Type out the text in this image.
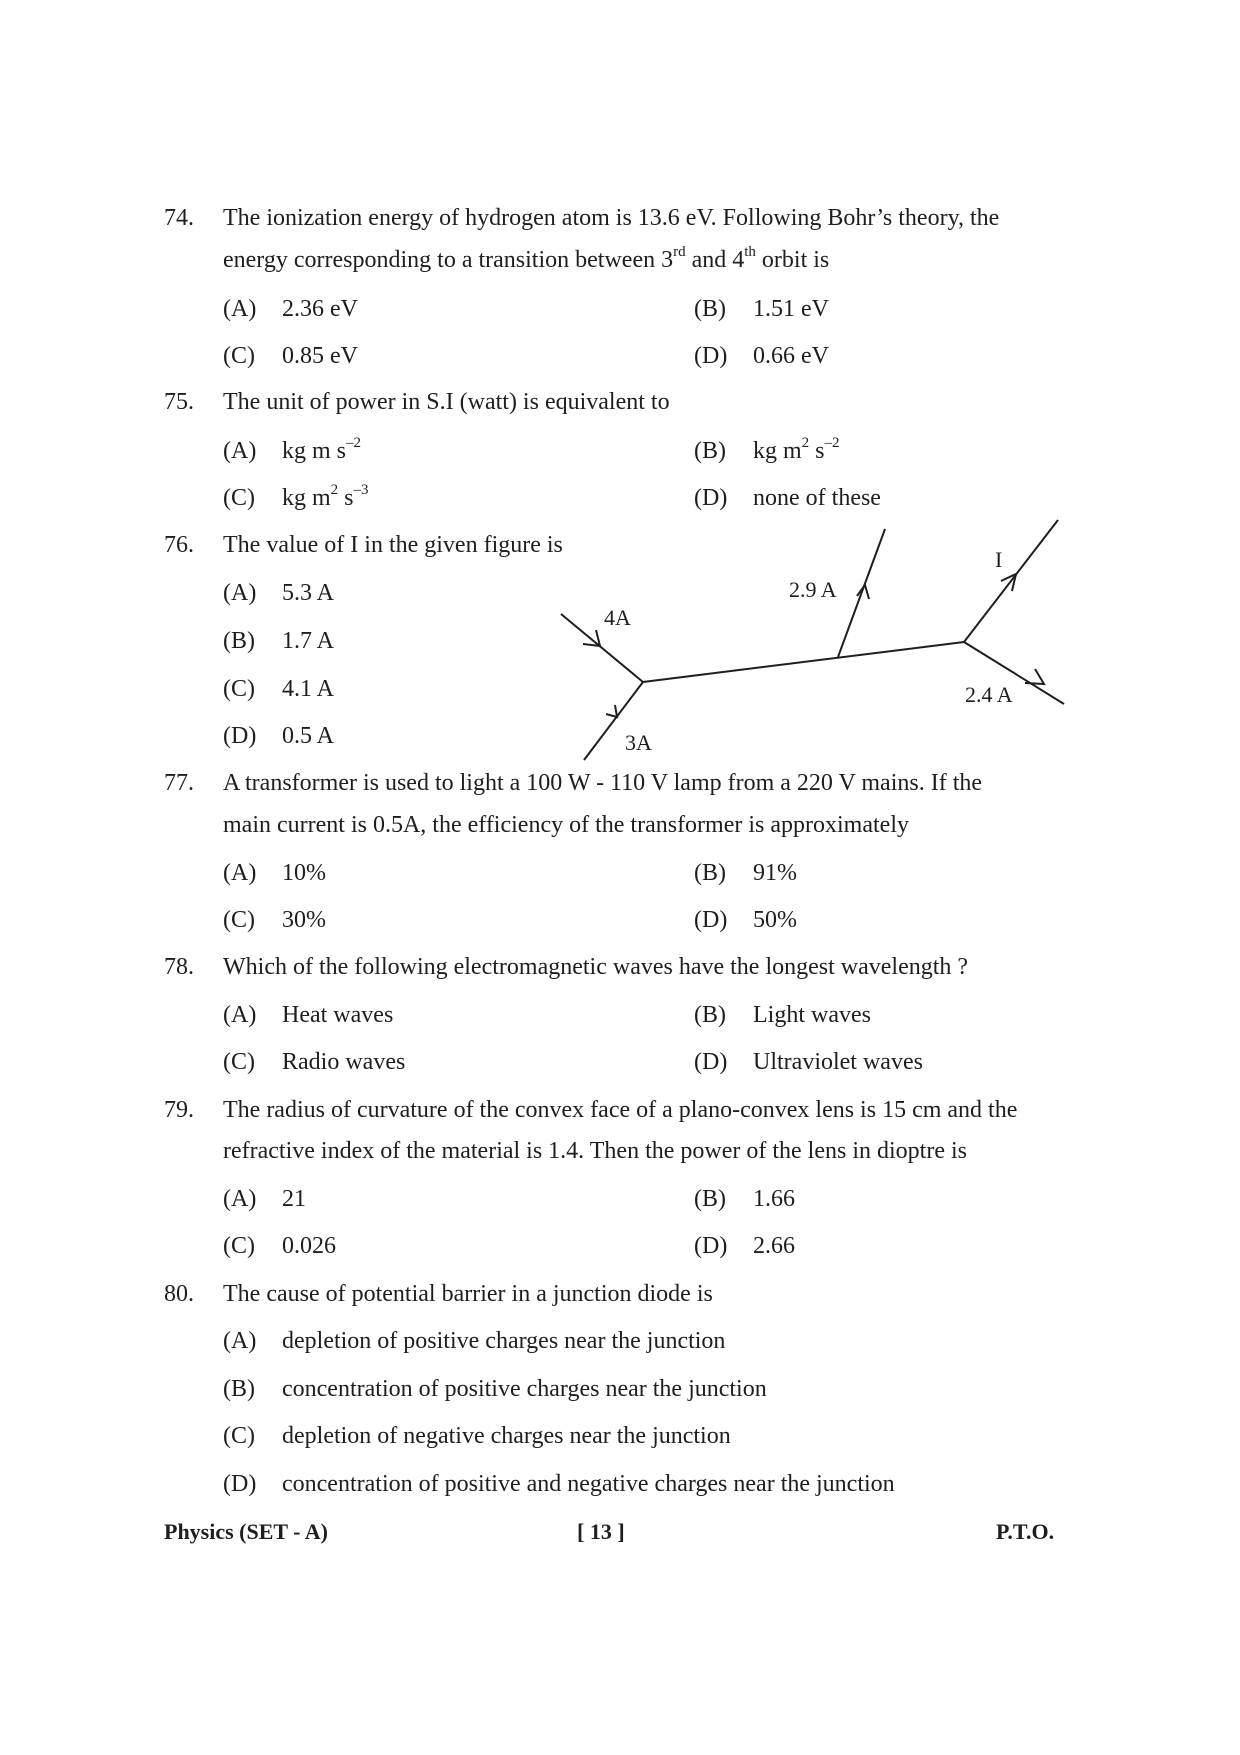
74. The ionization energy of hydrogen atom is 13.6 eV. Following Bohr’s theory, the
energy corresponding to a transition between 3rd and 4th orbit is
(A) 2.36 eV	(B) 1.51 eV
(C) 0.85 eV	(D) 0.66 eV
75. The unit of power in S.I (watt) is equivalent to
(A) kg m $s^{-2}$	(B) kg $m^2$ $s^{-2}$
(C) kg $m^2$ $s^{-3}$	(D) none of these
76. The value of I in the given figure is
(A) 5.3 A
(B) 1.7 A
(C) 4.1 A
(D) 0.5 A
4A
3A
2.9 A
I
2.4 A
77. A transformer is used to light a 100 W - 110 V lamp from a 220 V mains. If the
main current is 0.5A, the efficiency of the transformer is approximately
(A) 10%	(B) 91%
(C) 30%	(D) 50%
78. Which of the following electromagnetic waves have the longest wavelength ?
(A) Heat waves	(B) Light waves
(C) Radio waves	(D) Ultraviolet waves
79. The radius of curvature of the convex face of a plano-convex lens is 15 cm and the
refractive index of the material is 1.4. Then the power of the lens in dioptre is
(A) 21	(B) 1.66
(C) 0.026	(D) 2.66
80. The cause of potential barrier in a junction diode is
(A) depletion of positive charges near the junction
(B) concentration of positive charges near the junction
(C) depletion of negative charges near the junction
(D) concentration of positive and negative charges near the junction
Physics (SET - A)	[ 13 ]	P.T.O.
